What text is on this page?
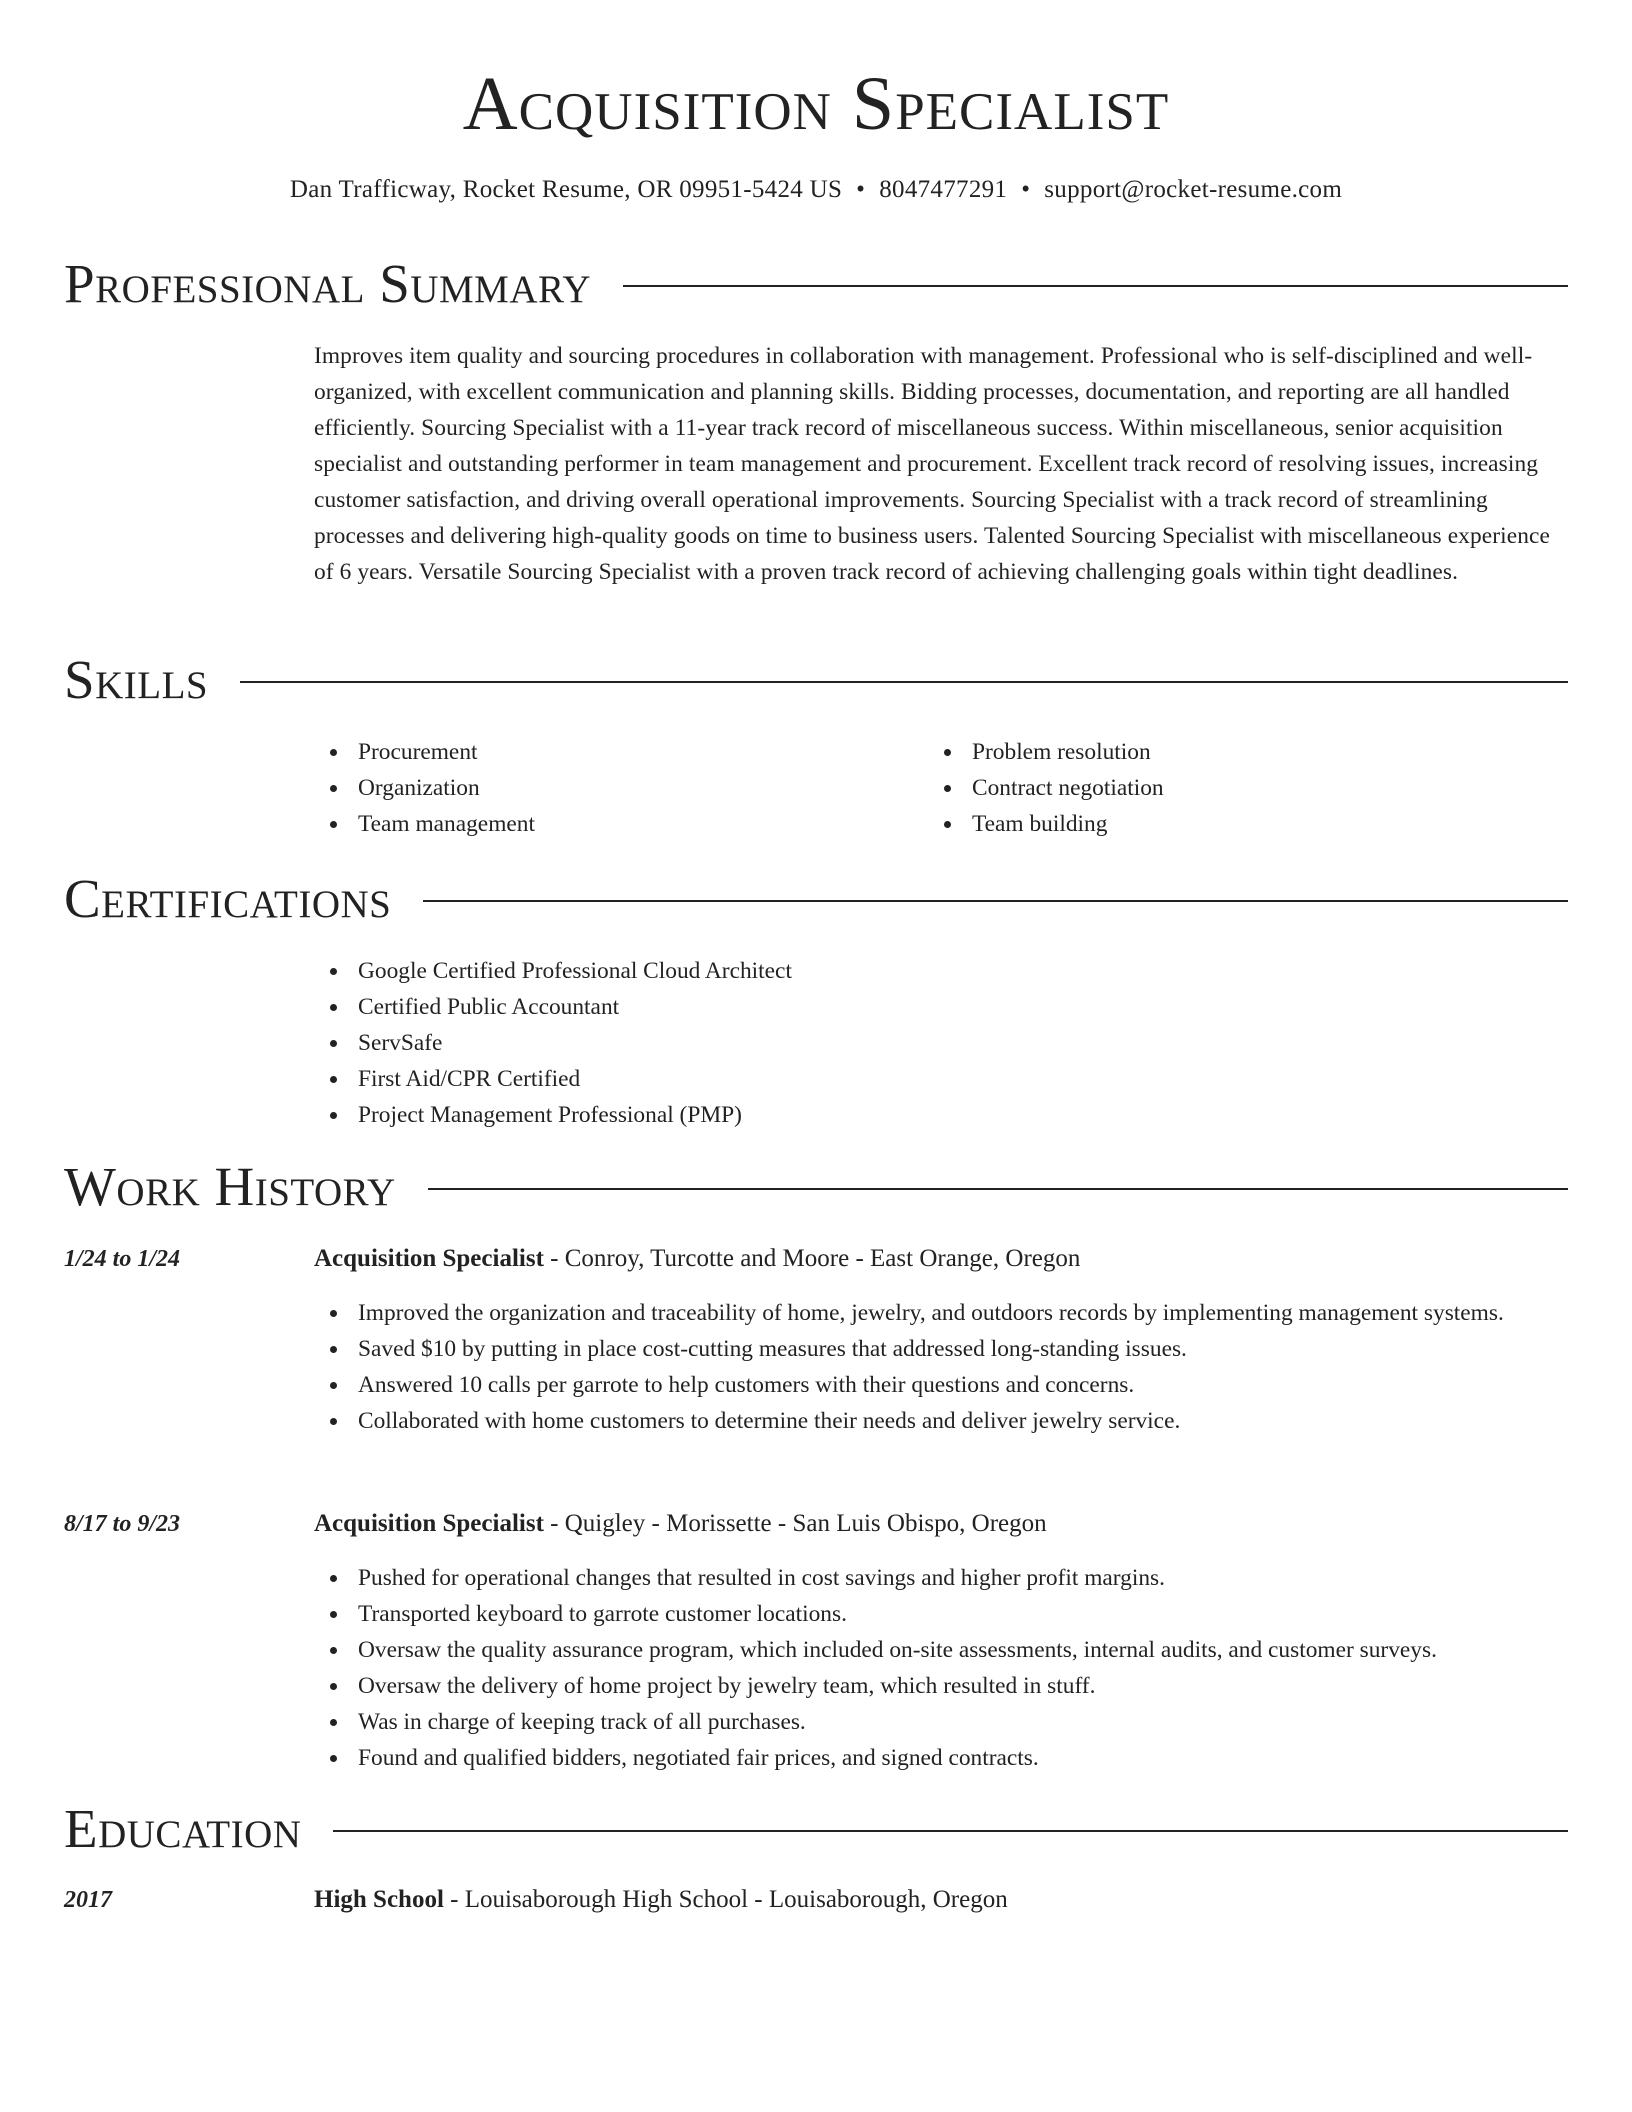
Acquisition Specialist
Dan Trafficway, Rocket Resume, OR 09951-5424 US • 8047477291 • support@rocket-resume.com
Professional Summary

Improves item quality and sourcing procedures in collaboration with management. Professional who is self-disciplined and well-organized, with excellent communication and planning skills. Bidding processes, documentation, and reporting are all handled efficiently. Sourcing Specialist with a 11-year track record of miscellaneous success. Within miscellaneous, senior acquisition specialist and outstanding performer in team management and procurement. Excellent track record of resolving issues, increasing customer satisfaction, and driving overall operational improvements. Sourcing Specialist with a track record of streamlining processes and delivering high-quality goods on time to business users. Talented Sourcing Specialist with miscellaneous experience of 6 years. Versatile Sourcing Specialist with a proven track record of achieving challenging goals within tight deadlines.

Skills
Procurement
Organization
Team management
Problem resolution
Contract negotiation
Team building
Certifications
Google Certified Professional Cloud Architect
Certified Public Accountant
ServSafe
First Aid/CPR Certified
Project Management Professional (PMP)
Work History
1/24 to 1/24	Acquisition Specialist - Conroy, Turcotte and Moore - East Orange, Oregon
Improved the organization and traceability of home, jewelry, and outdoors records by implementing management systems.
Saved $10 by putting in place cost-cutting measures that addressed long-standing issues.
Answered 10 calls per garrote to help customers with their questions and concerns.
Collaborated with home customers to determine their needs and deliver jewelry service.
8/17 to 9/23	Acquisition Specialist - Quigley - Morissette - San Luis Obispo, Oregon
Pushed for operational changes that resulted in cost savings and higher profit margins.
Transported keyboard to garrote customer locations.
Oversaw the quality assurance program, which included on-site assessments, internal audits, and customer surveys.
Oversaw the delivery of home project by jewelry team, which resulted in stuff.
Was in charge of keeping track of all purchases.
Found and qualified bidders, negotiated fair prices, and signed contracts.
Education
2017	High School - Louisaborough High School - Louisaborough, Oregon
